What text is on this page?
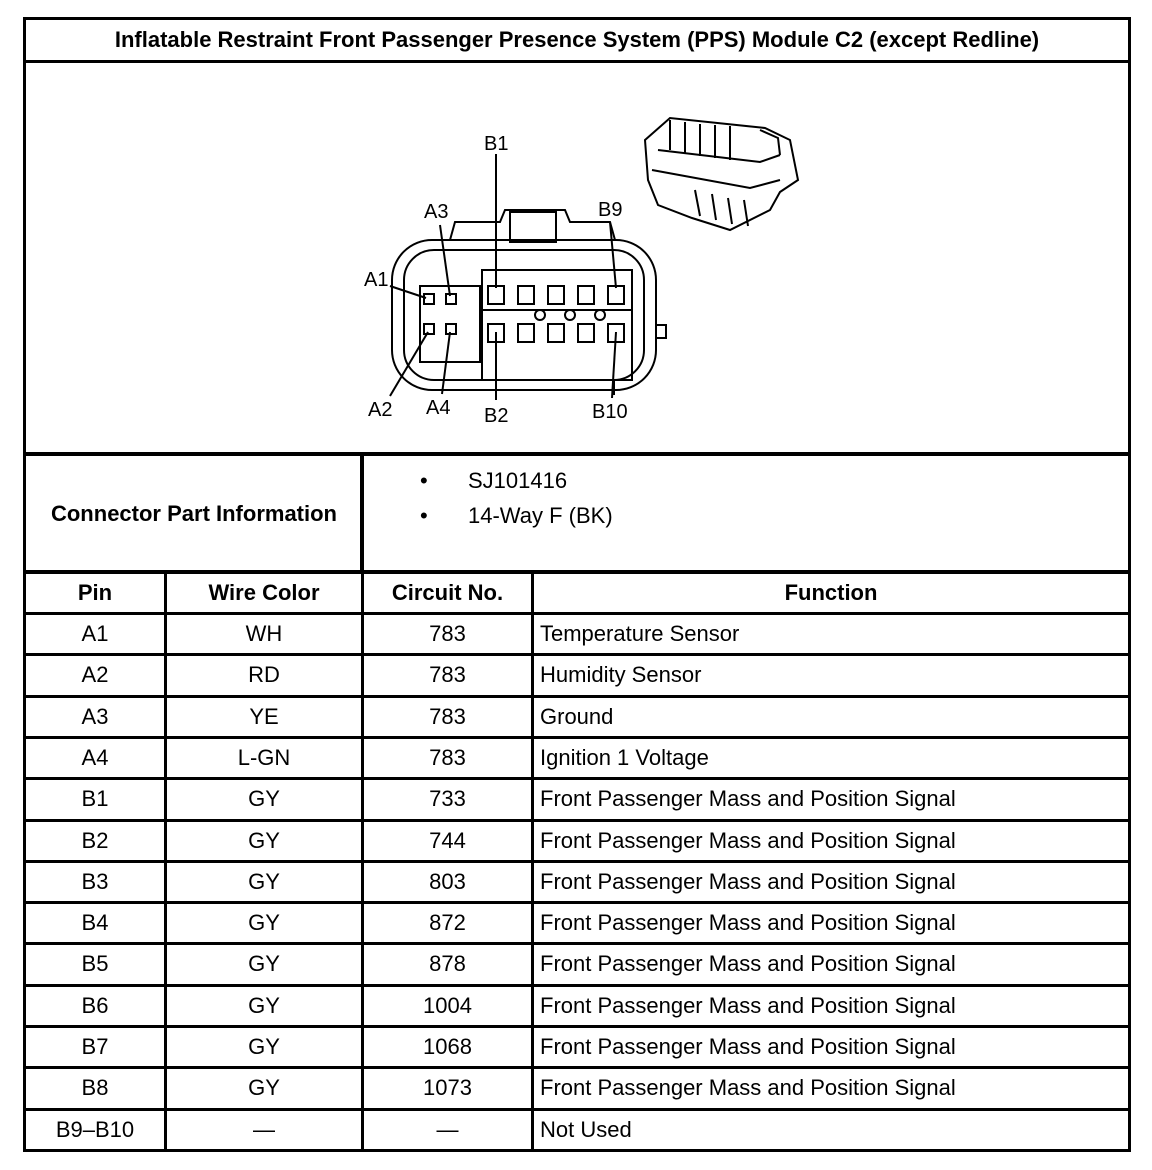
Inflatable Restraint Front Passenger Presence System (PPS) Module C2 (except Redline)
B1
A3	B9
A1
A2 A4 B2	B10
Connector Part Information
•	SJ101416
•	14-Way F (BK)
Pin	Wire Color	Circuit No.	Function
A1	WH	783	Temperature Sensor
A2	RD	783	Humidity Sensor
A3	YE	783	Ground
A4	L-GN	783	Ignition 1 Voltage
B1	GY	733	Front Passenger Mass and Position Signal
B2	GY	744	Front Passenger Mass and Position Signal
B3	GY	803	Front Passenger Mass and Position Signal
B4	GY	872	Front Passenger Mass and Position Signal
B5	GY	878	Front Passenger Mass and Position Signal
B6	GY	1004	Front Passenger Mass and Position Signal
B7	GY	1068	Front Passenger Mass and Position Signal
B8	GY	1073	Front Passenger Mass and Position Signal
B9–B10	—	—	Not Used
